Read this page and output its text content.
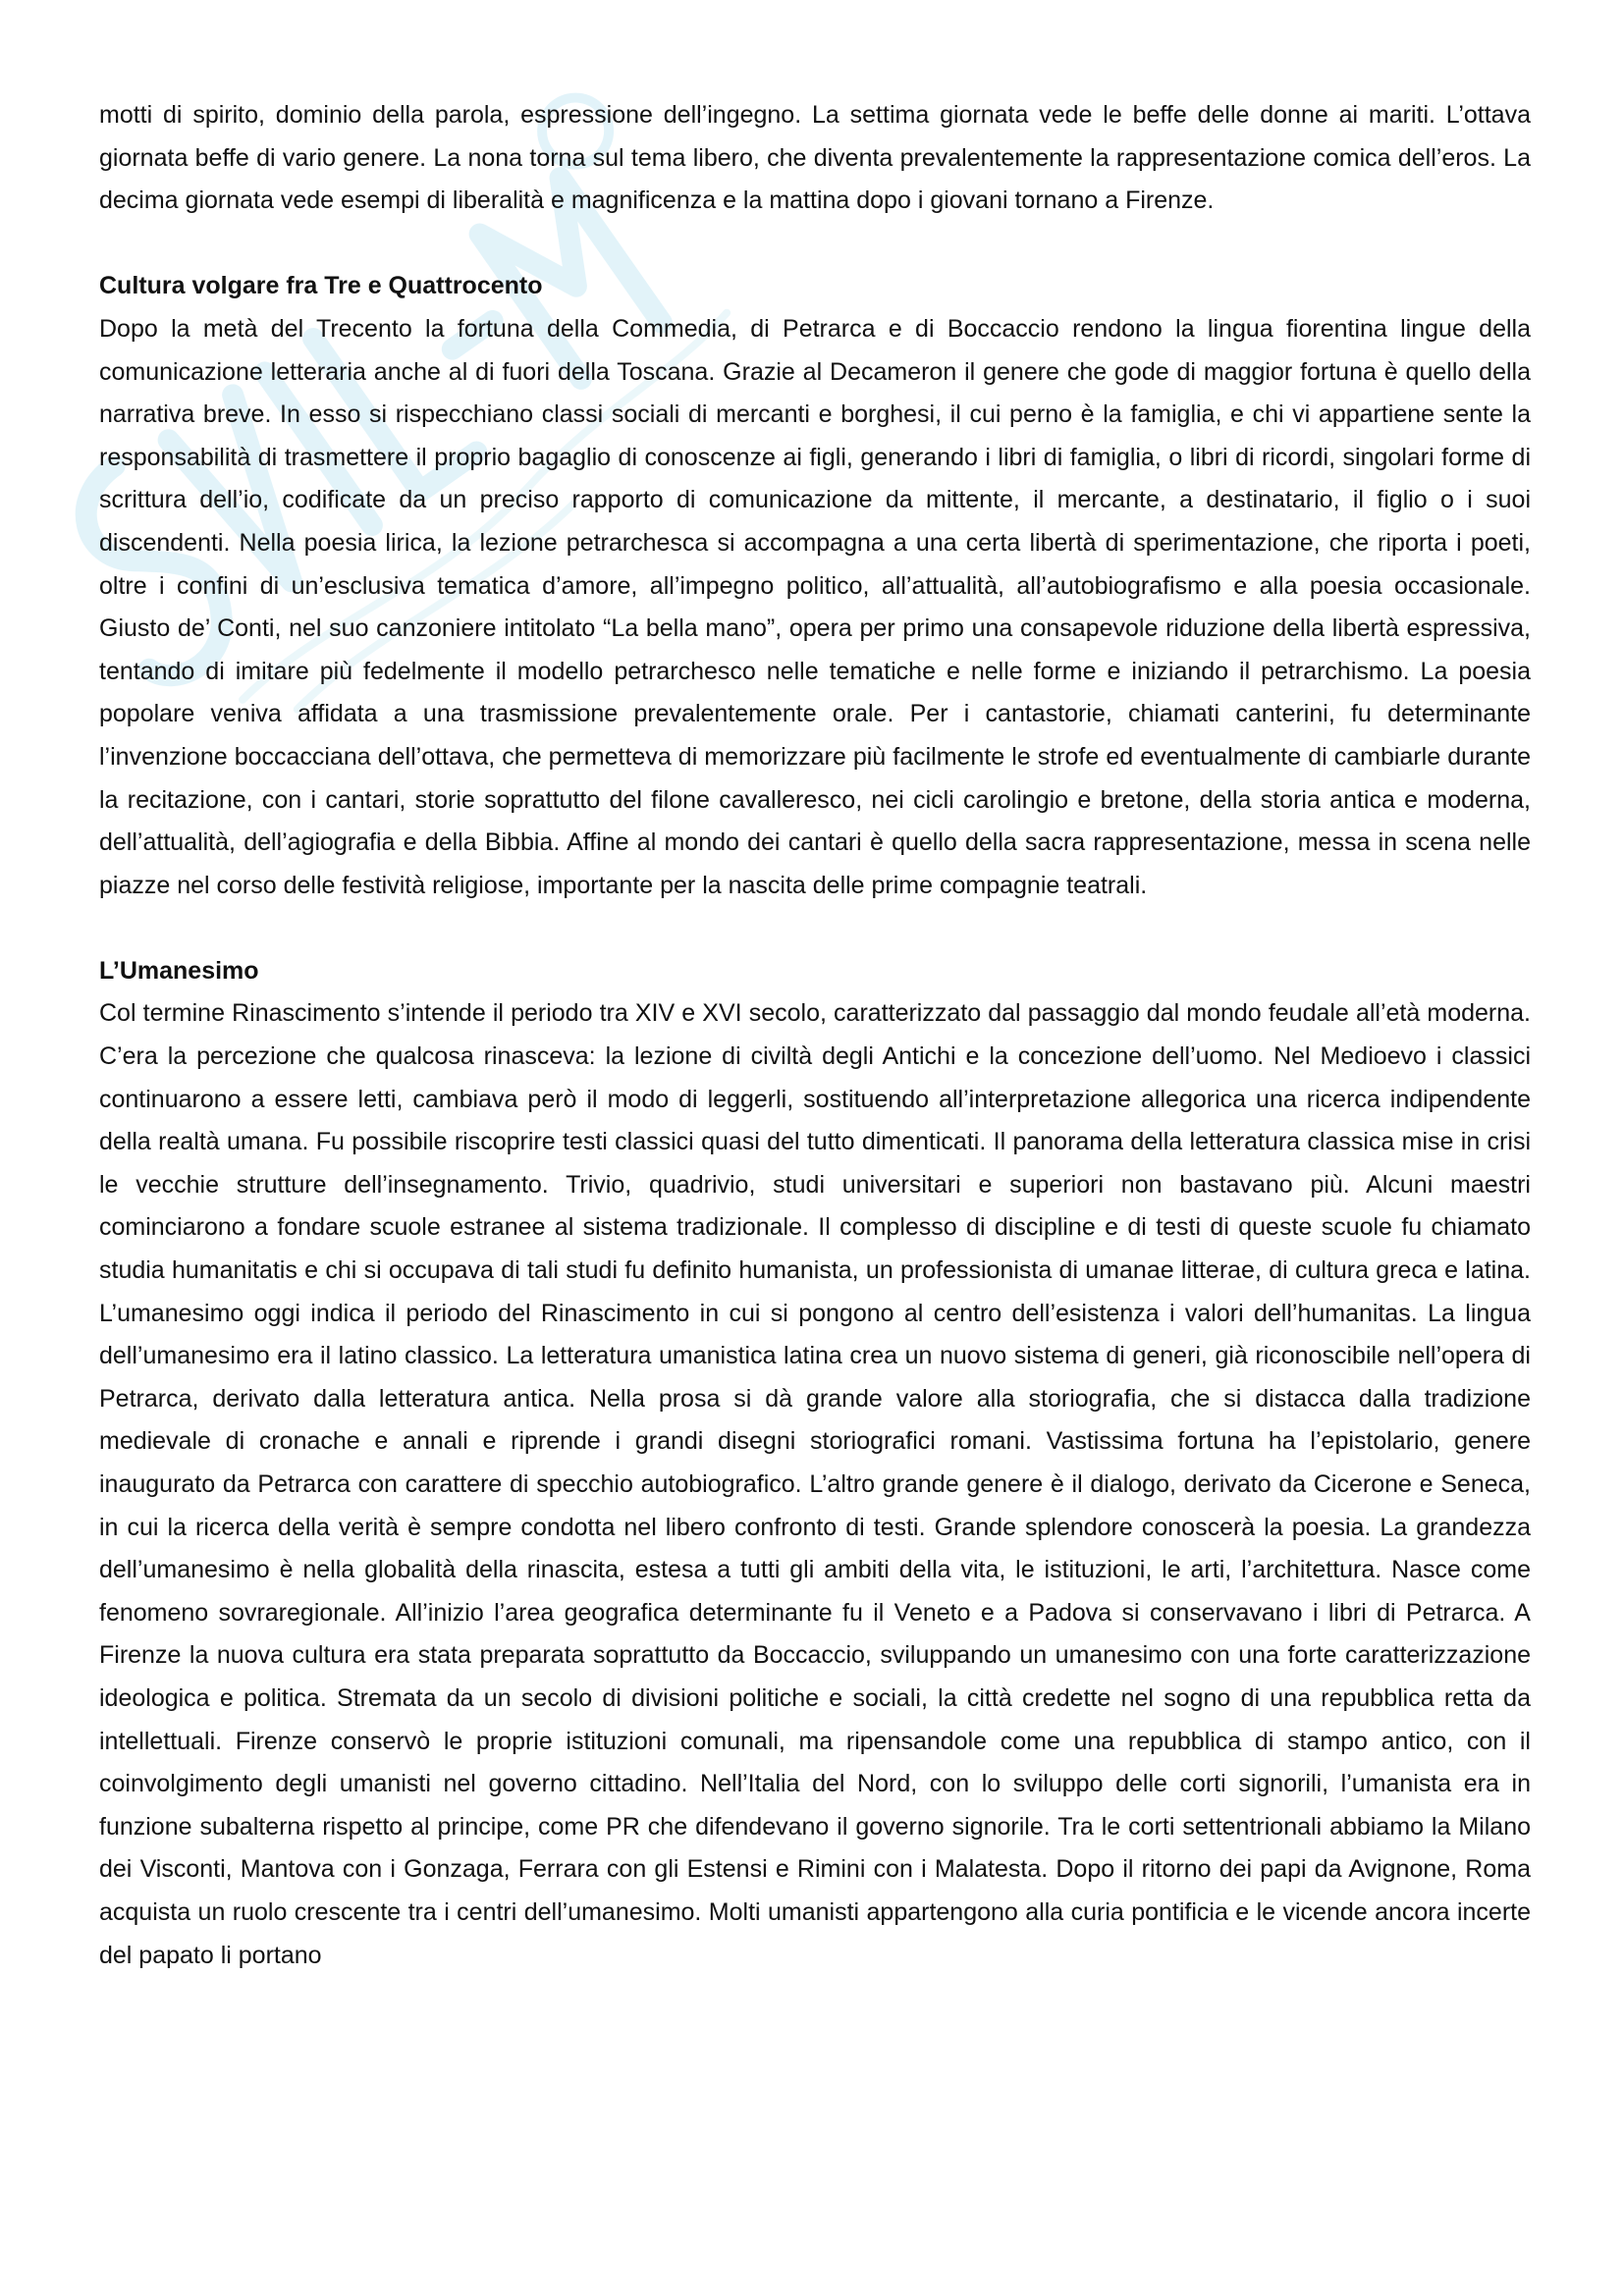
motti di spirito, dominio della parola, espressione dell’ingegno. La settima giornata vede le beffe delle donne ai mariti. L’ottava giornata beffe di vario genere. La nona torna sul tema libero, che diventa prevalentemente la rappresentazione comica dell’eros. La decima giornata vede esempi di liberalità e magnificenza e la mattina dopo i giovani tornano a Firenze.

Cultura volgare fra Tre e Quattrocento

Dopo la metà del Trecento la fortuna della Commedia, di Petrarca e di Boccaccio rendono la lingua fiorentina lingue della comunicazione letteraria anche al di fuori della Toscana. Grazie al Decameron il genere che gode di maggior fortuna è quello della narrativa breve. In esso si rispecchiano classi sociali di mercanti e borghesi, il cui perno è la famiglia, e chi vi appartiene sente la responsabilità di trasmettere il proprio bagaglio di conoscenze ai figli, generando i libri di famiglia, o libri di ricordi, singolari forme di scrittura dell’io, codificate da un preciso rapporto di comunicazione da mittente, il mercante, a destinatario, il figlio o i suoi discendenti. Nella poesia lirica, la lezione petrarchesca si accompagna a una certa libertà di sperimentazione, che riporta i poeti, oltre i confini di un’esclusiva tematica d’amore, all’impegno politico, all’attualità, all’autobiografismo e alla poesia occasionale. Giusto de’ Conti, nel suo canzoniere intitolato “La bella mano”, opera per primo una consapevole riduzione della libertà espressiva, tentando di imitare più fedelmente il modello petrarchesco nelle tematiche e nelle forme e iniziando il petrarchismo. La poesia popolare veniva affidata a una trasmissione prevalentemente orale. Per i cantastorie, chiamati canterini, fu determinante l’invenzione boccacciana dell’ottava, che permetteva di memorizzare più facilmente le strofe ed eventualmente di cambiarle durante la recitazione, con i cantari, storie soprattutto del filone cavalleresco, nei cicli carolingio e bretone, della storia antica e moderna, dell’attualità, dell’agiografia e della Bibbia. Affine al mondo dei cantari è quello della sacra rappresentazione, messa in scena nelle piazze nel corso delle festività religiose, importante per la nascita delle prime compagnie teatrali.

L’Umanesimo

Col termine Rinascimento s’intende il periodo tra XIV e XVI secolo, caratterizzato dal passaggio dal mondo feudale all’età moderna. C’era la percezione che qualcosa rinasceva: la lezione di civiltà degli Antichi e la concezione dell’uomo. Nel Medioevo i classici continuarono a essere letti, cambiava però il modo di leggerli, sostituendo all’interpretazione allegorica una ricerca indipendente della realtà umana. Fu possibile riscoprire testi classici quasi del tutto dimenticati. Il panorama della letteratura classica mise in crisi le vecchie strutture dell’insegnamento. Trivio, quadrivio, studi universitari e superiori non bastavano più. Alcuni maestri cominciarono a fondare scuole estranee al sistema tradizionale. Il complesso di discipline e di testi di queste scuole fu chiamato studia humanitatis e chi si occupava di tali studi fu definito humanista, un professionista di umanae litterae, di cultura greca e latina. L’umanesimo oggi indica il periodo del Rinascimento in cui si pongono al centro dell’esistenza i valori dell’humanitas. La lingua dell’umanesimo era il latino classico. La letteratura umanistica latina crea un nuovo sistema di generi, già riconoscibile nell’opera di Petrarca, derivato dalla letteratura antica. Nella prosa si dà grande valore alla storiografia, che si distacca dalla tradizione medievale di cronache e annali e riprende i grandi disegni storiografici romani. Vastissima fortuna ha l’epistolario, genere inaugurato da Petrarca con carattere di specchio autobiografico. L’altro grande genere è il dialogo, derivato da Cicerone e Seneca, in cui la ricerca della verità è sempre condotta nel libero confronto di testi. Grande splendore conoscerà la poesia. La grandezza dell’umanesimo è nella globalità della rinascita, estesa a tutti gli ambiti della vita, le istituzioni, le arti, l’architettura. Nasce come fenomeno sovraregionale. All’inizio l’area geografica determinante fu il Veneto e a Padova si conservavano i libri di Petrarca. A Firenze la nuova cultura era stata preparata soprattutto da Boccaccio, sviluppando un umanesimo con una forte caratterizzazione ideologica e politica. Stremata da un secolo di divisioni politiche e sociali, la città credette nel sogno di una repubblica retta da intellettuali. Firenze conservò le proprie istituzioni comunali, ma ripensandole come una repubblica di stampo antico, con il coinvolgimento degli umanisti nel governo cittadino. Nell’Italia del Nord, con lo sviluppo delle corti signorili, l’umanista era in funzione subalterna rispetto al principe, come PR che difendevano il governo signorile. Tra le corti settentrionali abbiamo la Milano dei Visconti, Mantova con i Gonzaga, Ferrara con gli Estensi e Rimini con i Malatesta. Dopo il ritorno dei papi da Avignone, Roma acquista un ruolo crescente tra i centri dell’umanesimo. Molti umanisti appartengono alla curia pontificia e le vicende ancora incerte del papato li portano
